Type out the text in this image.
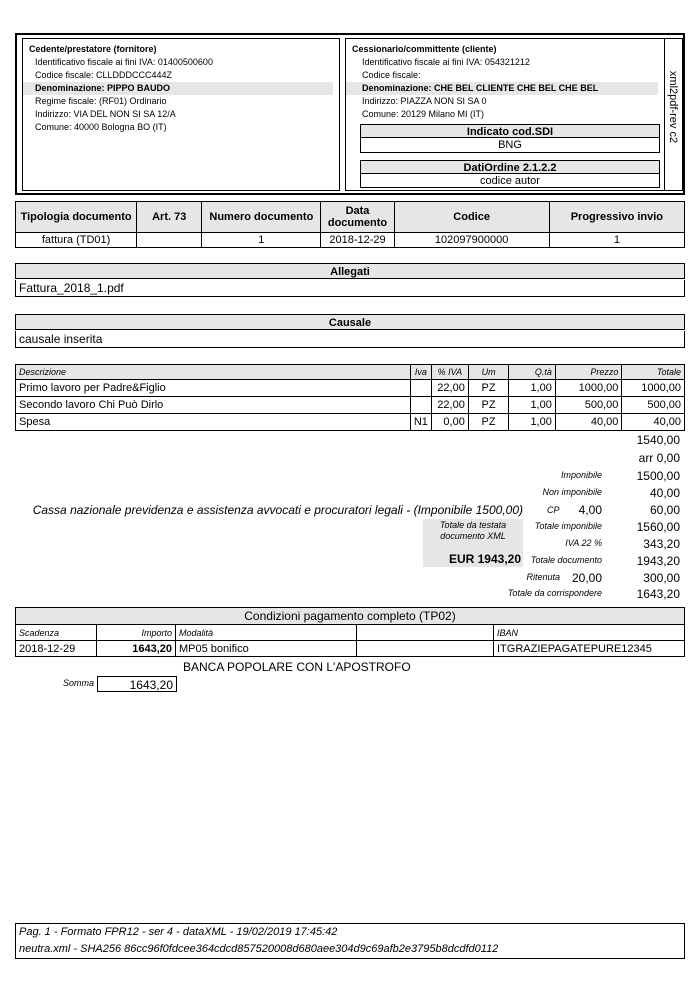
Cedente/prestatore (fornitore)
Identificativo fiscale ai fini IVA: 01400500600
Codice fiscale: CLLDDDCCC444Z
Denominazione: PIPPO BAUDO
Regime fiscale: (RF01) Ordinario
Indirizzo: VIA DEL NON SI SA 12/A
Comune: 40000 Bologna BO (IT)
Cessionario/committente (cliente)
Identificativo fiscale ai fini IVA: 054321212
Codice fiscale:
Denominazione: CHE BEL CLIENTE CHE BEL CHE BEL
Indirizzo: PIAZZA NON SI SA 0
Comune: 20129 Milano MI (IT)
Indicato cod.SDI
BNG
DatiOrdine 2.1.2.2
codice autor
xml2pdf-rev c2
Tipologia documento	Art. 73	Numero documento	Data documento	Codice	Progressivo invio
fattura (TD01)		1	2018-12-29	102097900000	1
Allegati
Fattura_2018_1.pdf
Causale
causale inserita
Descrizione	Iva	% IVA	Um	Q.tà	Prezzo	Totale
Primo lavoro per Padre&Figlio		22,00	PZ	1,00	1000,00	1000,00
Secondo lavoro Chi Può Dirlo		22,00	PZ	1,00	500,00	500,00
Spesa	N1	0,00	PZ	1,00	40,00	40,00
1540,00
arr 0,00
Imponibile	1500,00
Non imponibile	40,00
Cassa nazionale previdenza e assistenza avvocati e procuratori legali - (Imponibile 1500,00)	CP	4,00	60,00
Totale da testata documento XML
EUR 1943,20
Totale imponibile	1560,00
IVA 22 %	343,20
Totale documento	1943,20
Ritenuta 20,00	300,00
Totale da corrispondere	1643,20
Condizioni pagamento completo (TP02)				
Scadenza	Importo	Modalità		IBAN
2018-12-29	1643,20	MP05 bonifico		ITGRAZIEPAGATEPURE12345
BANCA POPOLARE CON L'APOSTROFO
Somma	1643,20
Pag. 1 - Formato FPR12 - ser 4 - dataXML - 19/02/2019 17:45:42
neutra.xml - SHA256 86cc96f0fdcee364cdcd857520008d680aee304d9c69afb2e3795b8dcdfd0112
